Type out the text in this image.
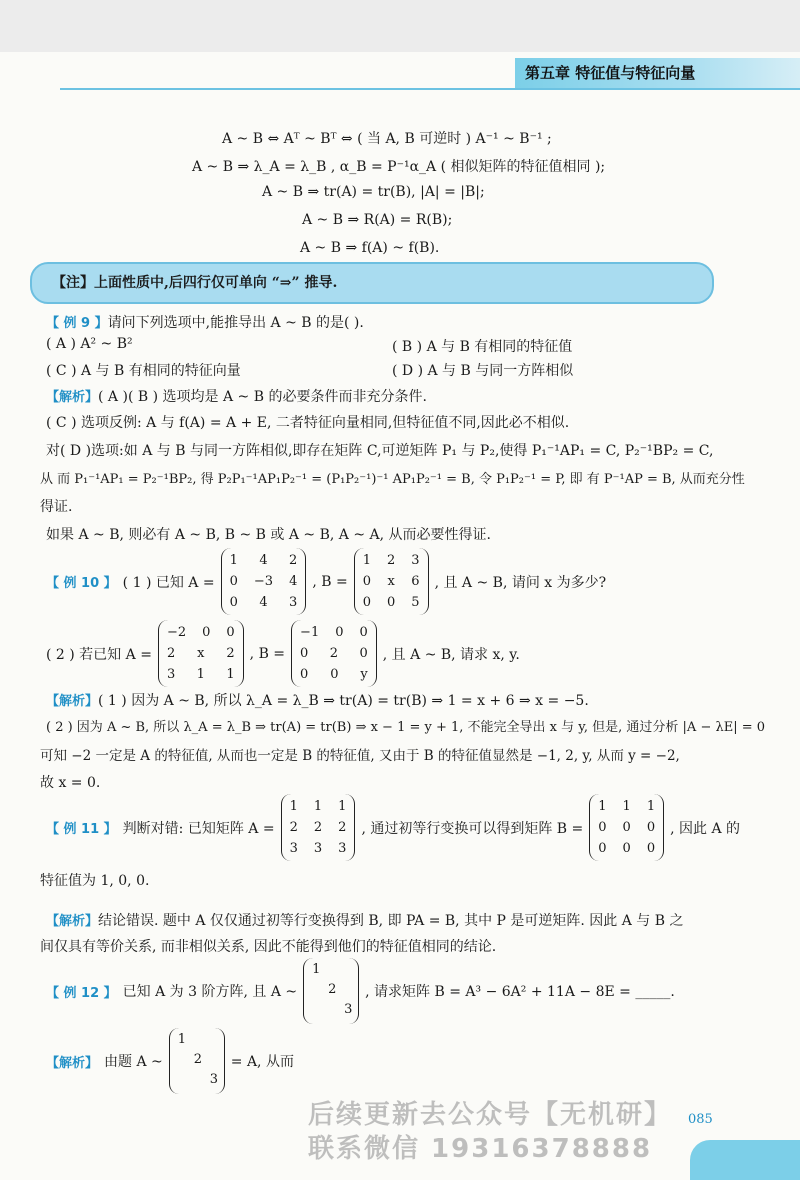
第五章 特征值与特征向量
A ~ B ⇔ Aᵀ ~ Bᵀ ⇔ ( 当 A, B 可逆时 ) A⁻¹ ~ B⁻¹ ;
A ~ B ⇒ λ_A = λ_B , α_B = P⁻¹α_A ( 相似矩阵的特征值相同 );
A ~ B ⇒ tr(A) = tr(B), |A| = |B|;
A ~ B ⇒ R(A) = R(B);
A ~ B ⇒ f(A) ~ f(B).
【注】上面性质中,后四行仅可单向 “⇒” 推导.
【 例 9 】请问下列选项中,能推导出 A ~ B 的是( ).
( A ) A² ~ B²	( B ) A 与 B 有相同的特征值
( C ) A 与 B 有相同的特征向量	( D ) A 与 B 与同一方阵相似
【解析】( A )( B ) 选项均是 A ~ B 的必要条件而非充分条件.
( C ) 选项反例: A 与 f(A) = A + E, 二者特征向量相同,但特征值不同,因此必不相似.
对( D )选项:如 A 与 B 与同一方阵相似,即存在矩阵 C,可逆矩阵 P₁ 与 P₂,使得 P₁⁻¹AP₁ = C, P₂⁻¹BP₂ = C,
从 而 P₁⁻¹AP₁ = P₂⁻¹BP₂, 得 P₂P₁⁻¹AP₁P₂⁻¹ = (P₁P₂⁻¹)⁻¹ AP₁P₂⁻¹ = B, 令 P₁P₂⁻¹ = P, 即 有 P⁻¹AP = B, 从而充分性
得证.
如果 A ~ B, 则必有 A ~ B, B ~ B 或 A ~ B, A ~ A, 从而必要性得证.
【 例 10 】 ( 1 ) 已知 A =
1 4 2
0 −3 4
0 4 3
, B =
1 2 3
0 x 6
0 0 5
, 且 A ~ B, 请问 x 为多少?
( 2 ) 若已知 A =
−2 0 0
2 x 2
3 1 1
, B =
−1 0 0
0 2 0
0 0 y
, 且 A ~ B, 请求 x, y.
【解析】( 1 ) 因为 A ~ B, 所以 λ_A = λ_B ⇒ tr(A) = tr(B) ⇒ 1 = x + 6 ⇒ x = −5.
( 2 ) 因为 A ~ B, 所以 λ_A = λ_B ⇒ tr(A) = tr(B) ⇒ x − 1 = y + 1, 不能完全导出 x 与 y, 但是, 通过分析 |A − λE| = 0
可知 −2 一定是 A 的特征值, 从而也一定是 B 的特征值, 又由于 B 的特征值显然是 −1, 2, y, 从而 y = −2,
故 x = 0.
【 例 11 】 判断对错: 已知矩阵 A =
1 1 1
2 2 2
3 3 3
, 通过初等行变换可以得到矩阵 B =
1 1 1
0 0 0
0 0 0
, 因此 A 的
特征值为 1, 0, 0.
【解析】结论错误. 题中 A 仅仅通过初等行变换得到 B, 即 PA = B, 其中 P 是可逆矩阵. 因此 A 与 B 之
间仅具有等价关系, 而非相似关系, 因此不能得到他们的特征值相同的结论.
【 例 12 】 已知 A 为 3 阶方阵, 且 A ~
1
2
3
, 请求矩阵 B = A³ − 6A² + 11A − 8E = _____.
【解析】 由题 A ~
1
2
3
= A, 从而
后续更新去公众号【无机研】
联系微信 19316378888
085
